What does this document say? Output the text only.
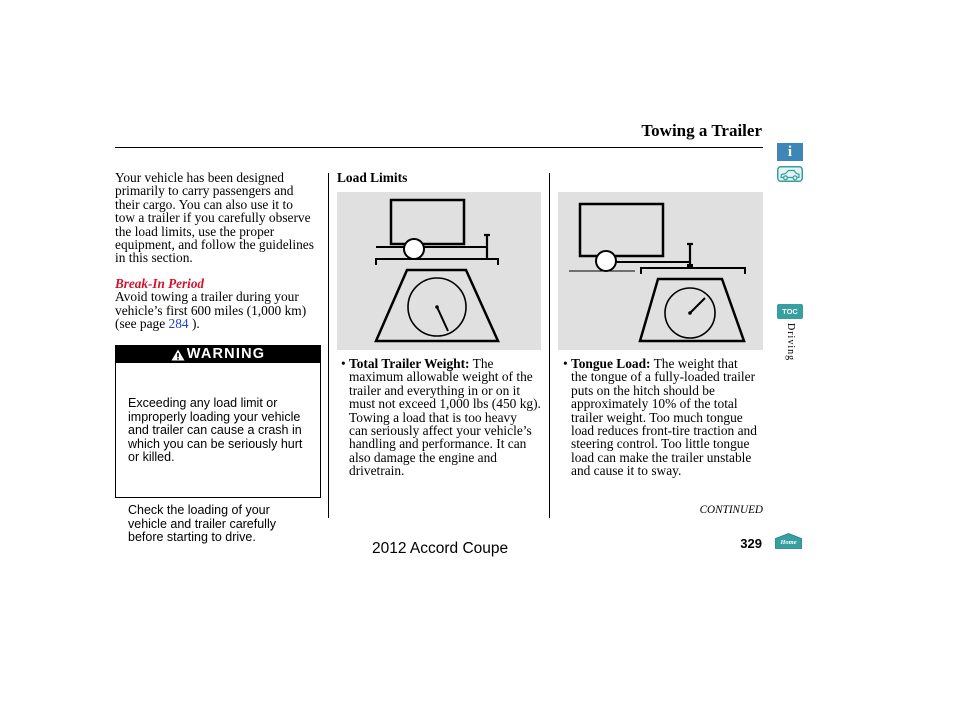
Towing a Trailer
Your vehicle has been designed
primarily to carry passengers and
their cargo. You can also use it to
tow a trailer if you carefully observe
the load limits, use the proper
equipment, and follow the guidelines
in this section.
Break-In Period
Avoid towing a trailer during your
vehicle’s first 600 miles (1,000 km)
(see page 284 ).
WARNING

Exceeding any load limit or
improperly loading your vehicle
and trailer can cause a crash in
which you can be seriously hurt
or killed.

Check the loading of your
vehicle and trailer carefully
before starting to drive.

Load Limits
• Total Trailer Weight: The
maximum allowable weight of the
trailer and everything in or on it
must not exceed 1,000 lbs (450 kg).
Towing a load that is too heavy
can seriously affect your vehicle’s
handling and performance. It can
also damage the engine and
drivetrain.
• Tongue Load: The weight that
the tongue of a fully-loaded trailer
puts on the hitch should be
approximately 10% of the total
trailer weight. Too much tongue
load reduces front-tire traction and
steering control. Too little tongue
load can make the trailer unstable
and cause it to sway.
i
TOC
Driving
Home
CONTINUED
2012 Accord Coupe	329
